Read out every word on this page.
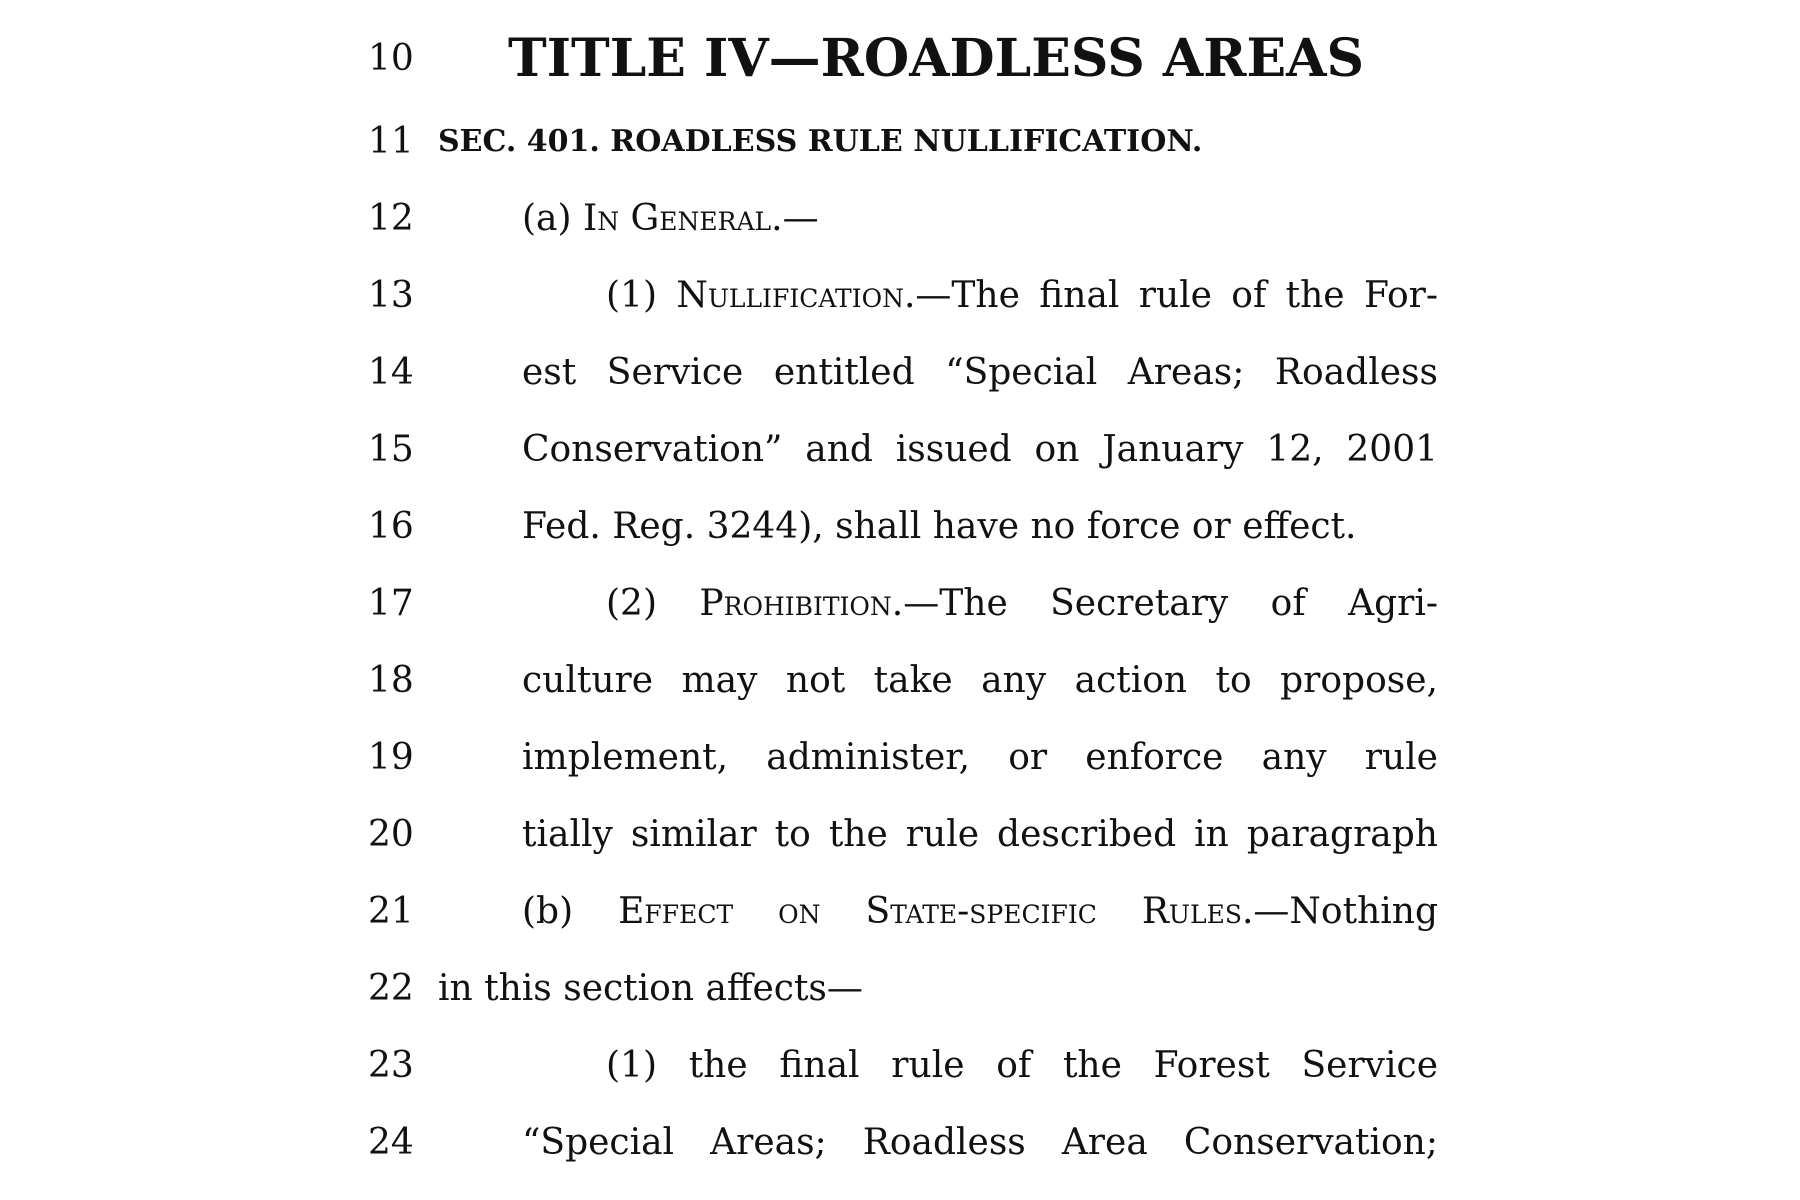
10 TITLE IV—ROADLESS AREAS
11 SEC. 401. ROADLESS RULE NULLIFICATION.
12	(a) In General.—
13	(1) Nullification.—The final rule of the For-
14	est Service entitled “Special Areas; Roadless
15	Conservation” and issued on January 12, 2001
16	Fed. Reg. 3244), shall have no force or effect.
17	(2) Prohibition.—The Secretary of Agri-
18	culture may not take any action to propose,
19	implement, administer, or enforce any rule
20	tially similar to the rule described in paragraph
21	(b) Effect on State-specific Rules.—Nothing
22 in this section affects—
23	(1) the final rule of the Forest Service
24	“Special Areas; Roadless Area Conservation;
